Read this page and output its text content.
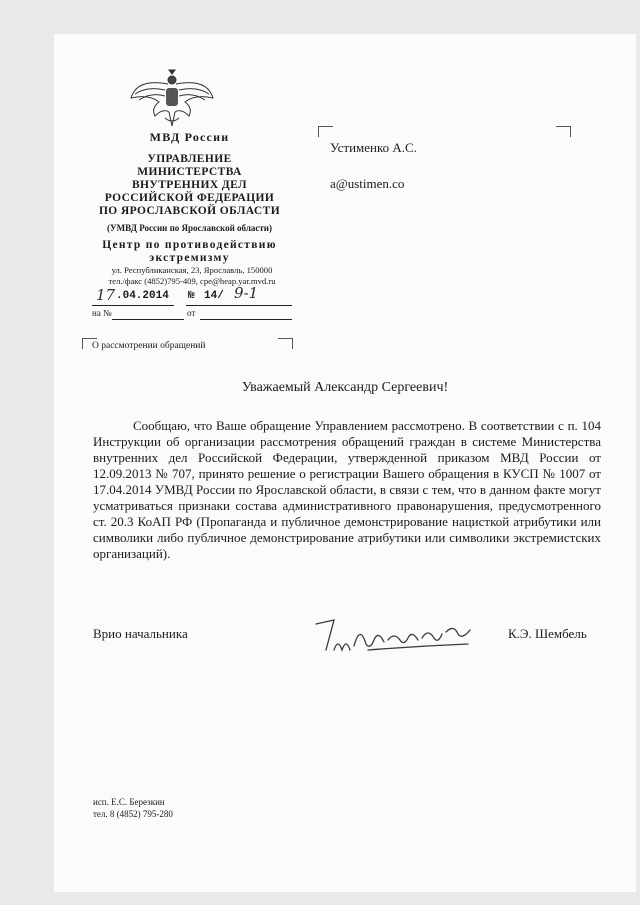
МВД России
УПРАВЛЕНИЕ
МИНИСТЕРСТВА
ВНУТРЕННИХ ДЕЛ
РОССИЙСКОЙ ФЕДЕРАЦИИ
ПО ЯРОСЛАВСКОЙ ОБЛАСТИ
(УМВД России по Ярославской области)
Центр по противодействию
экстремизму
ул. Республиканская, 23, Ярославль, 150000
тел./факс (4852)795-409, cpe@heap.yar.mvd.ru
17 .04.2014 № 14/ 9-1
на №	от
О рассмотрении обращений
Устименко А.С.
a@ustimen.co
Уважаемый Александр Сергеевич!
Сообщаю, что Ваше обращение Управлением рассмотрено. В соответствии с п. 104 Инструкции об организации рассмотрения обращений граждан в системе Министерства внутренних дел Российской Федерации, утвержденной приказом МВД России от 12.09.2013 № 707, принято решение о регистрации Вашего обращения в КУСП № 1007 от 17.04.2014 УМВД России по Ярославской области, в связи с тем, что в данном факте могут усматриваться признаки состава административного правонарушения, предусмотренного ст. 20.3 КоАП РФ (Пропаганда и публичное демонстрирование нацисткой атрибутики или символики либо публичное демонстрирование атрибутики или символики экстремистских организаций).
Врио начальника	К.Э. Шембель
исп. Е.С. Березкин
тел. 8 (4852) 795-280
